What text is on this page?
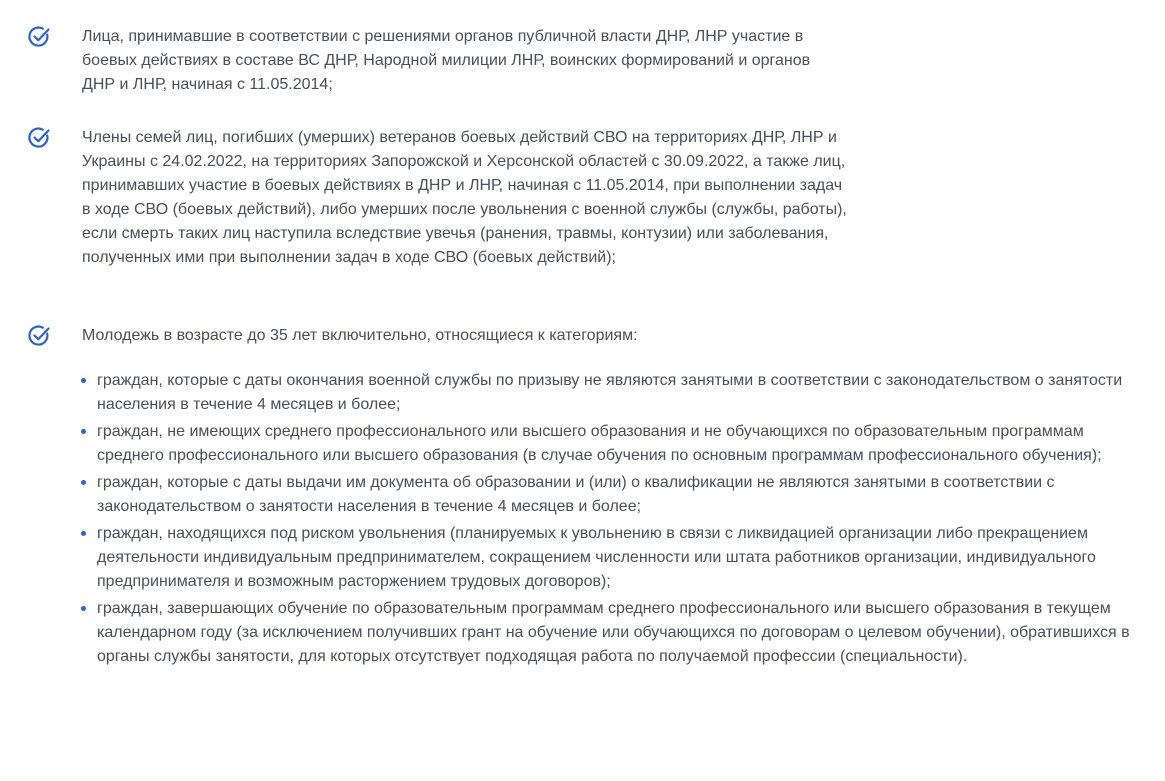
Лица, принимавшие в соответствии с решениями органов публичной власти ДНР, ЛНР участие в боевых действиях в составе ВС ДНР, Народной милиции ЛНР, воинских формирований и органов ДНР и ЛНР, начиная с 11.05.2014;

Члены семей лиц, погибших (умерших) ветеранов боевых действий СВО на территориях ДНР, ЛНР и Украины с 24.02.2022, на территориях Запорожской и Херсонской областей с 30.09.2022, а также лиц, принимавших участие в боевых действиях в ДНР и ЛНР, начиная с 11.05.2014, при выполнении задач в ходе СВО (боевых действий), либо умерших после увольнения с военной службы (службы, работы), если смерть таких лиц наступила вследствие увечья (ранения, травмы, контузии) или заболевания, полученных ими при выполнении задач в ходе СВО (боевых действий);

Молодежь в возрасте до 35 лет включительно, относящиеся к категориям:

граждан, которые с даты окончания военной службы по призыву не являются занятыми в соответствии с законодательством о занятости населения в течение 4 месяцев и более;
граждан, не имеющих среднего профессионального или высшего образования и не обучающихся по образовательным программам среднего профессионального или высшего образования (в случае обучения по основным программам профессионального обучения);
граждан, которые с даты выдачи им документа об образовании и (или) о квалификации не являются занятыми в соответствии с законодательством о занятости населения в течение 4 месяцев и более;
граждан, находящихся под риском увольнения (планируемых к увольнению в связи с ликвидацией организации либо прекращением деятельности индивидуальным предпринимателем, сокращением численности или штата работников организации, индивидуального предпринимателя и возможным расторжением трудовых договоров);
граждан, завершающих обучение по образовательным программам среднего профессионального или высшего образования в текущем календарном году (за исключением получивших грант на обучение или обучающихся по договорам о целевом обучении), обратившихся в органы службы занятости, для которых отсутствует подходящая работа по получаемой профессии (специальности).
